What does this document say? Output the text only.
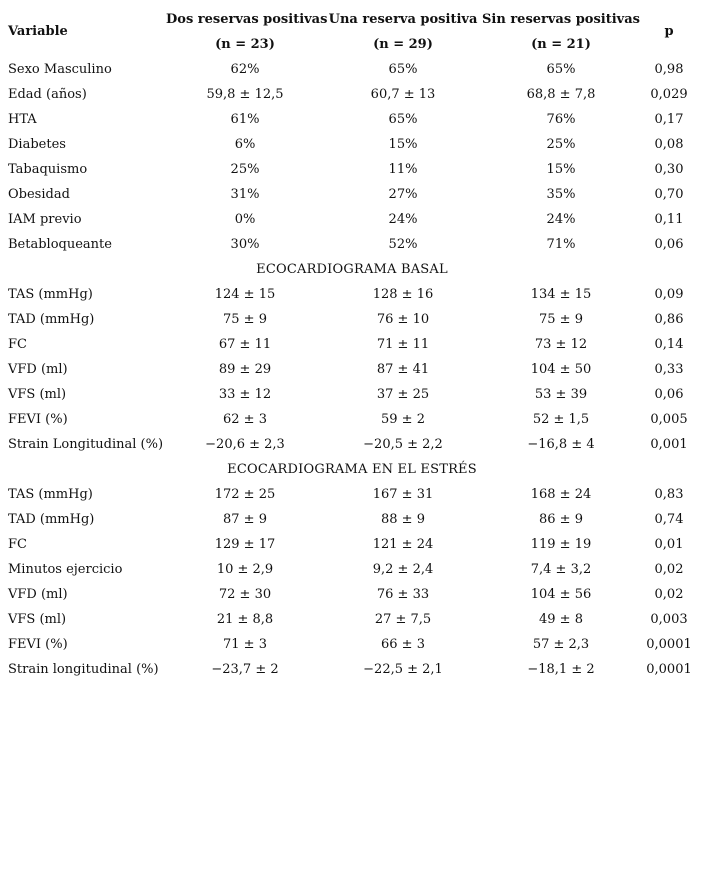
Variable	Dos reservas positivas	Una reserva positiva	Sin reservas positivas	p
	(n = 23)	(n = 29)	(n = 21)	
Sexo Masculino	62%	65%	65%	0,98
Edad (años)	59,8 ± 12,5	60,7 ± 13	68,8 ± 7,8	0,029
HTA	61%	65%	76%	0,17
Diabetes	6%	15%	25%	0,08
Tabaquismo	25%	11%	15%	0,30
Obesidad	31%	27%	35%	0,70
IAM previo	0%	24%	24%	0,11
Betabloqueante	30%	52%	71%	0,06
ECOCARDIOGRAMA BASAL				
TAS (mmHg)	124 ± 15	128 ± 16	134 ± 15	0,09
TAD (mmHg)	75 ± 9	76 ± 10	75 ± 9	0,86
FC	67 ± 11	71 ± 11	73 ± 12	0,14
VFD (ml)	89 ± 29	87 ± 41	104 ± 50	0,33
VFS (ml)	33 ± 12	37 ± 25	53 ± 39	0,06
FEVI (%)	62 ± 3	59 ± 2	52 ± 1,5	0,005
Strain Longitudinal (%)	−20,6 ± 2,3	−20,5 ± 2,2	−16,8 ± 4	0,001
ECOCARDIOGRAMA EN EL ESTRÉS				
TAS (mmHg)	172 ± 25	167 ± 31	168 ± 24	0,83
TAD (mmHg)	87 ± 9	88 ± 9	86 ± 9	0,74
FC	129 ± 17	121 ± 24	119 ± 19	0,01
Minutos ejercicio	10 ± 2,9	9,2 ± 2,4	7,4 ± 3,2	0,02
VFD (ml)	72 ± 30	76 ± 33	104 ± 56	0,02
VFS (ml)	21 ± 8,8	27 ± 7,5	49 ± 8	0,003
FEVI (%)	71 ± 3	66 ± 3	57 ± 2,3	0,0001
Strain longitudinal (%)	−23,7 ± 2	−22,5 ± 2,1	−18,1 ± 2	0,0001
